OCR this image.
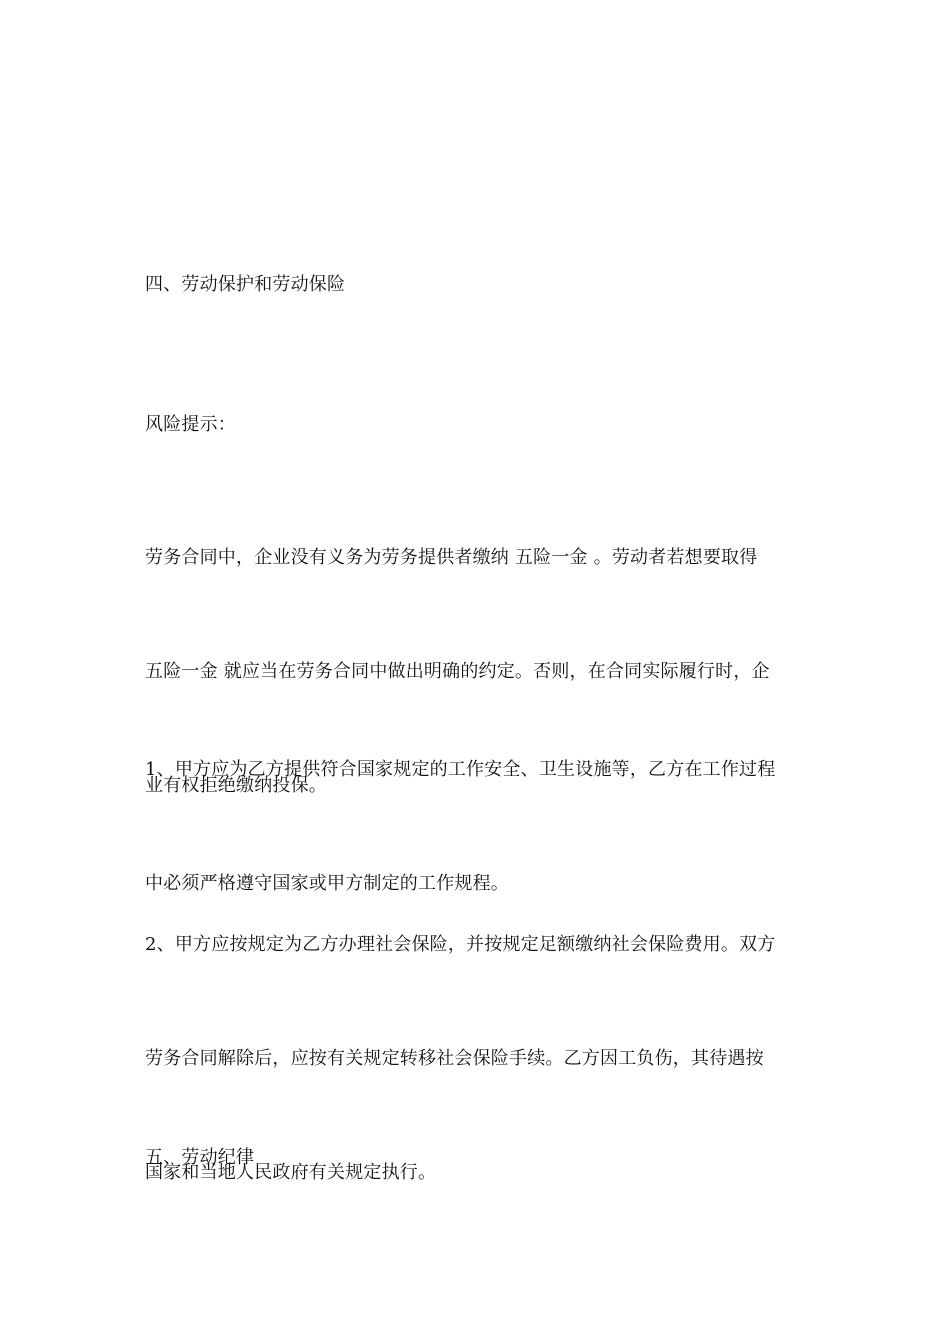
四、劳动保护和劳动保险

风险提示：

劳务合同中，企业没有义务为劳务提供者缴纳 五险一金 。劳动者若想要取得

五险一金 就应当在劳务合同中做出明确的约定。否则，在合同实际履行时，企

业有权拒绝缴纳投保。

1、甲方应为乙方提供符合国家规定的工作安全、卫生设施等，乙方在工作过程

中必须严格遵守国家或甲方制定的工作规程。

2、甲方应按规定为乙方办理社会保险，并按规定足额缴纳社会保险费用。双方

劳务合同解除后，应按有关规定转移社会保险手续。乙方因工负伤，其待遇按

国家和当地人民政府有关规定执行。

五、劳动纪律
